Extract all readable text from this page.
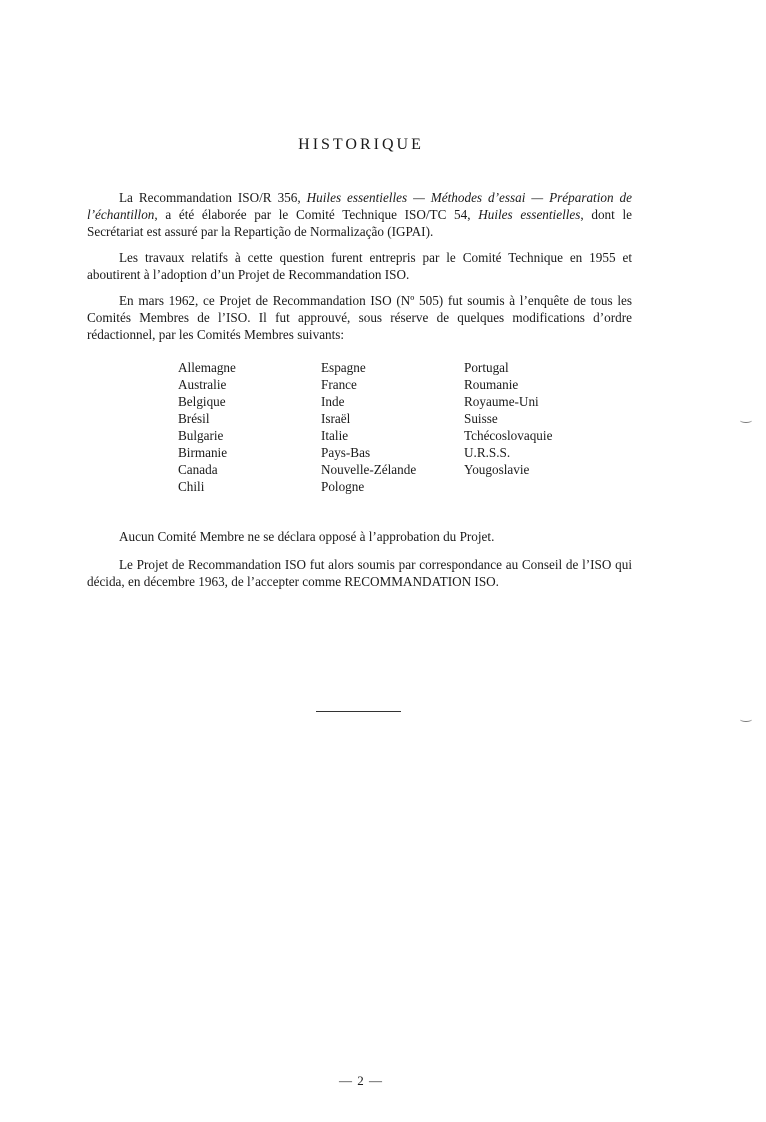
HISTORIQUE

La Recommandation ISO/R 356, Huiles essentielles — Méthodes d’essai — Préparation de l’échantillon, a été élaborée par le Comité Technique ISO/TC 54, Huiles essentielles, dont le Secrétariat est assuré par la Repartição de Normalização (IGPAI).

Les travaux relatifs à cette question furent entrepris par le Comité Technique en 1955 et aboutirent à l’adoption d’un Projet de Recommandation ISO.

En mars 1962, ce Projet de Recommandation ISO (Nº 505) fut soumis à l’enquête de tous les Comités Membres de l’ISO. Il fut approuvé, sous réserve de quelques modifications d’ordre rédactionnel, par les Comités Membres suivants:

Allemagne
Australie
Belgique
Brésil
Bulgarie
Birmanie
Canada
Chili
Espagne
France
Inde
Israël
Italie
Pays-Bas
Nouvelle-Zélande
Pologne
Portugal
Roumanie
Royaume-Uni
Suisse
Tchécoslovaquie
U.R.S.S.
Yougoslavie

Aucun Comité Membre ne se déclara opposé à l’approbation du Projet.

Le Projet de Recommandation ISO fut alors soumis par correspondance au Conseil de l’ISO qui décida, en décembre 1963, de l’accepter comme RECOMMANDATION ISO.

— 2 —
